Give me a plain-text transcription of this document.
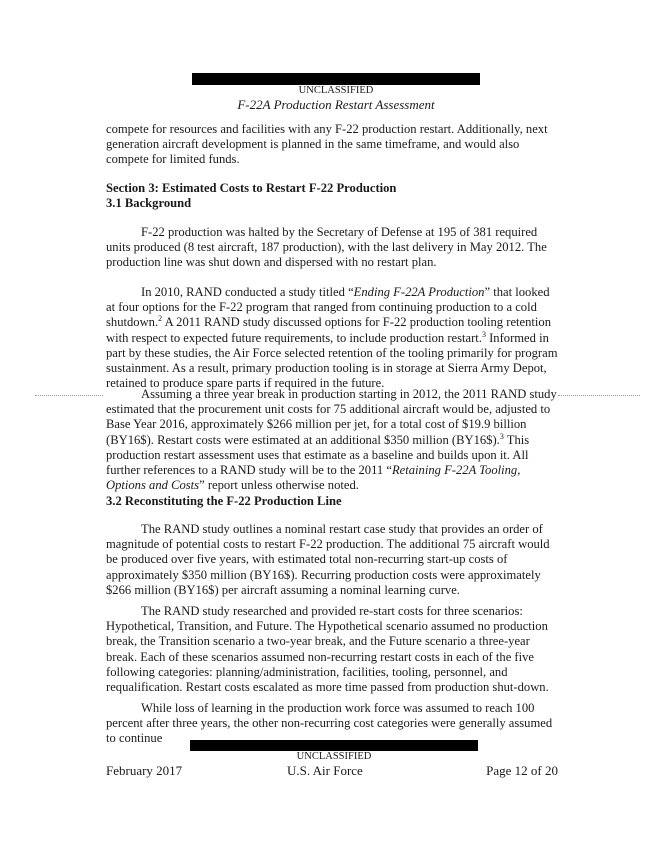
UNCLASSIFIED
F-22A Production Restart Assessment

compete for resources and facilities with any F-22 production restart. Additionally, next generation aircraft development is planned in the same timeframe, and would also compete for limited funds.

Section 3: Estimated Costs to Restart F-22 Production
3.1 Background

F-22 production was halted by the Secretary of Defense at 195 of 381 required units produced (8 test aircraft, 187 production), with the last delivery in May 2012. The production line was shut down and dispersed with no restart plan.

In 2010, RAND conducted a study titled “Ending F-22A Production” that looked at four options for the F-22 program that ranged from continuing production to a cold shutdown.$^2$ A 2011 RAND study discussed options for F-22 production tooling retention with respect to expected future requirements, to include production restart.$^3$ Informed in part by these studies, the Air Force selected retention of the tooling primarily for program sustainment. As a result, primary production tooling is in storage at Sierra Army Depot, retained to produce spare parts if required in the future.

Assuming a three year break in production starting in 2012, the 2011 RAND study estimated that the procurement unit costs for 75 additional aircraft would be, adjusted to Base Year 2016, approximately $266 million per jet, for a total cost of $19.9 billion (BY16$). Restart costs were estimated at an additional $350 million (BY16$).$^3$ This production restart assessment uses that estimate as a baseline and builds upon it. All further references to a RAND study will be to the 2011 “Retaining F-22A Tooling, Options and Costs” report unless otherwise noted.

3.2 Reconstituting the F-22 Production Line

The RAND study outlines a nominal restart case study that provides an order of magnitude of potential costs to restart F-22 production. The additional 75 aircraft would be produced over five years, with estimated total non-recurring start-up costs of approximately $350 million (BY16$). Recurring production costs were approximately $266 million (BY16$) per aircraft assuming a nominal learning curve.

The RAND study researched and provided re-start costs for three scenarios: Hypothetical, Transition, and Future. The Hypothetical scenario assumed no production break, the Transition scenario a two-year break, and the Future scenario a three-year break. Each of these scenarios assumed non-recurring restart costs in each of the five following categories: planning/administration, facilities, tooling, personnel, and requalification. Restart costs escalated as more time passed from production shut-down.

While loss of learning in the production work force was assumed to reach 100 percent after three years, the other non-recurring cost categories were generally assumed to continue

UNCLASSIFIED
February 2017	U.S. Air Force	Page 12 of 20
